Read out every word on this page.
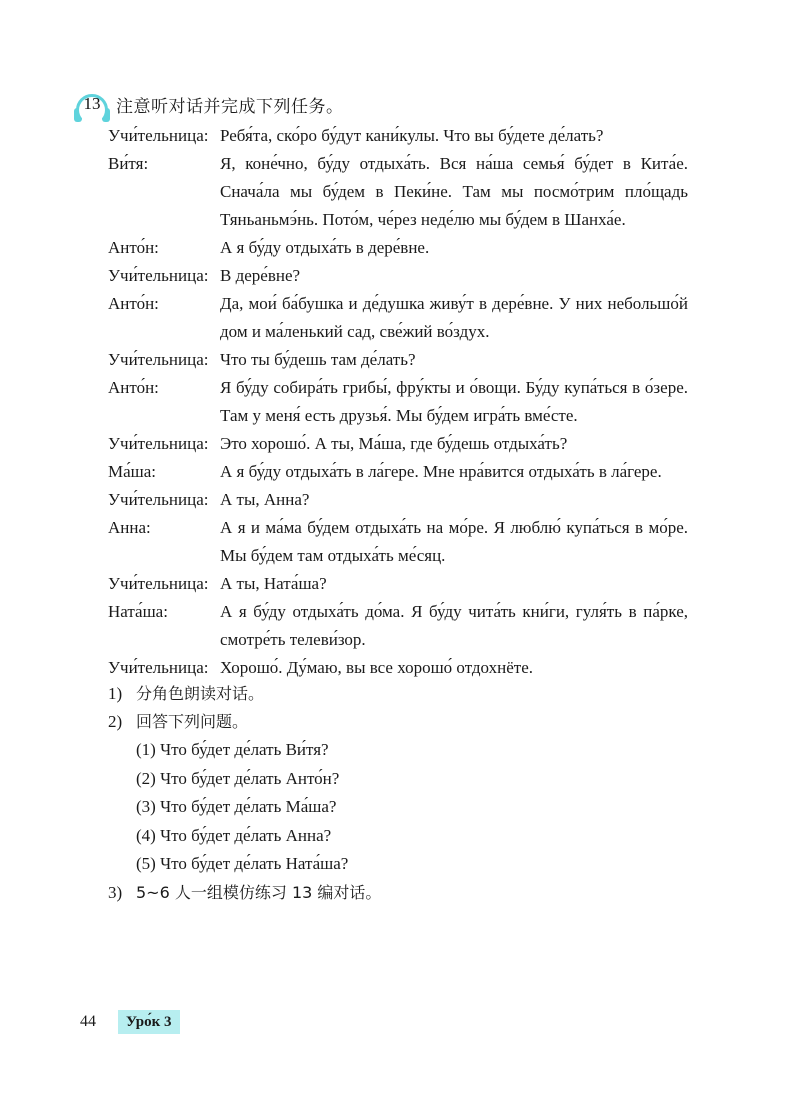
13 注意听对话并完成下列任务。
Учи́тельница: Ребя́та, ско́ро бу́дут кани́кулы. Что вы бу́дете де́лать?
Ви́тя:	Я, коне́чно, бу́ду отдыха́ть. Вся на́ша семья́ бу́дет в Кита́е. Снача́ла мы бу́дем в Пеки́не. Там мы посмо́трим пло́щадь Тяньаньмэ́нь. Пото́м, че́рез неде́лю мы бу́дем в Шанха́е.
Анто́н:	А я бу́ду отдыха́ть в дере́вне.
Учи́тельница: В дере́вне?
Анто́н:	Да, мои́ ба́бушка и де́душка живу́т в дере́вне. У них небольшо́й дом и ма́ленький сад, све́жий во́здух.
Учи́тельница: Что ты бу́дешь там де́лать?
Анто́н:	Я бу́ду собира́ть грибы́, фру́кты и о́вощи. Бу́ду купа́ться в о́зере. Там у меня́ есть друзья́. Мы бу́дем игра́ть вме́сте.
Учи́тельница: Это хорошо́. А ты, Ма́ша, где бу́дешь отдыха́ть?
Ма́ша:	А я бу́ду отдыха́ть в ла́гере. Мне нра́вится отдыха́ть в ла́гере.
Учи́тельница: А ты, Анна?
Анна:	А я и ма́ма бу́дем отдыха́ть на мо́ре. Я люблю́ купа́ться в мо́ре. Мы бу́дем там отдыха́ть ме́сяц.
Учи́тельница: А ты, Ната́ша?
Ната́ша:	А я бу́ду отдыха́ть до́ма. Я бу́ду чита́ть кни́ги, гуля́ть в па́рке, смотре́ть телеви́зор.
Учи́тельница: Хорошо́. Ду́маю, вы все хорошо́ отдохнёте.
1) 分角色朗读对话。
2) 回答下列问题。
(1) Что бу́дет де́лать Ви́тя?
(2) Что бу́дет де́лать Анто́н?
(3) Что бу́дет де́лать Ма́ша?
(4) Что бу́дет де́лать Анна?
(5) Что бу́дет де́лать Ната́ша?
3) 5~6 人一组模仿练习 13 编对话。
44	Уро́к 3
